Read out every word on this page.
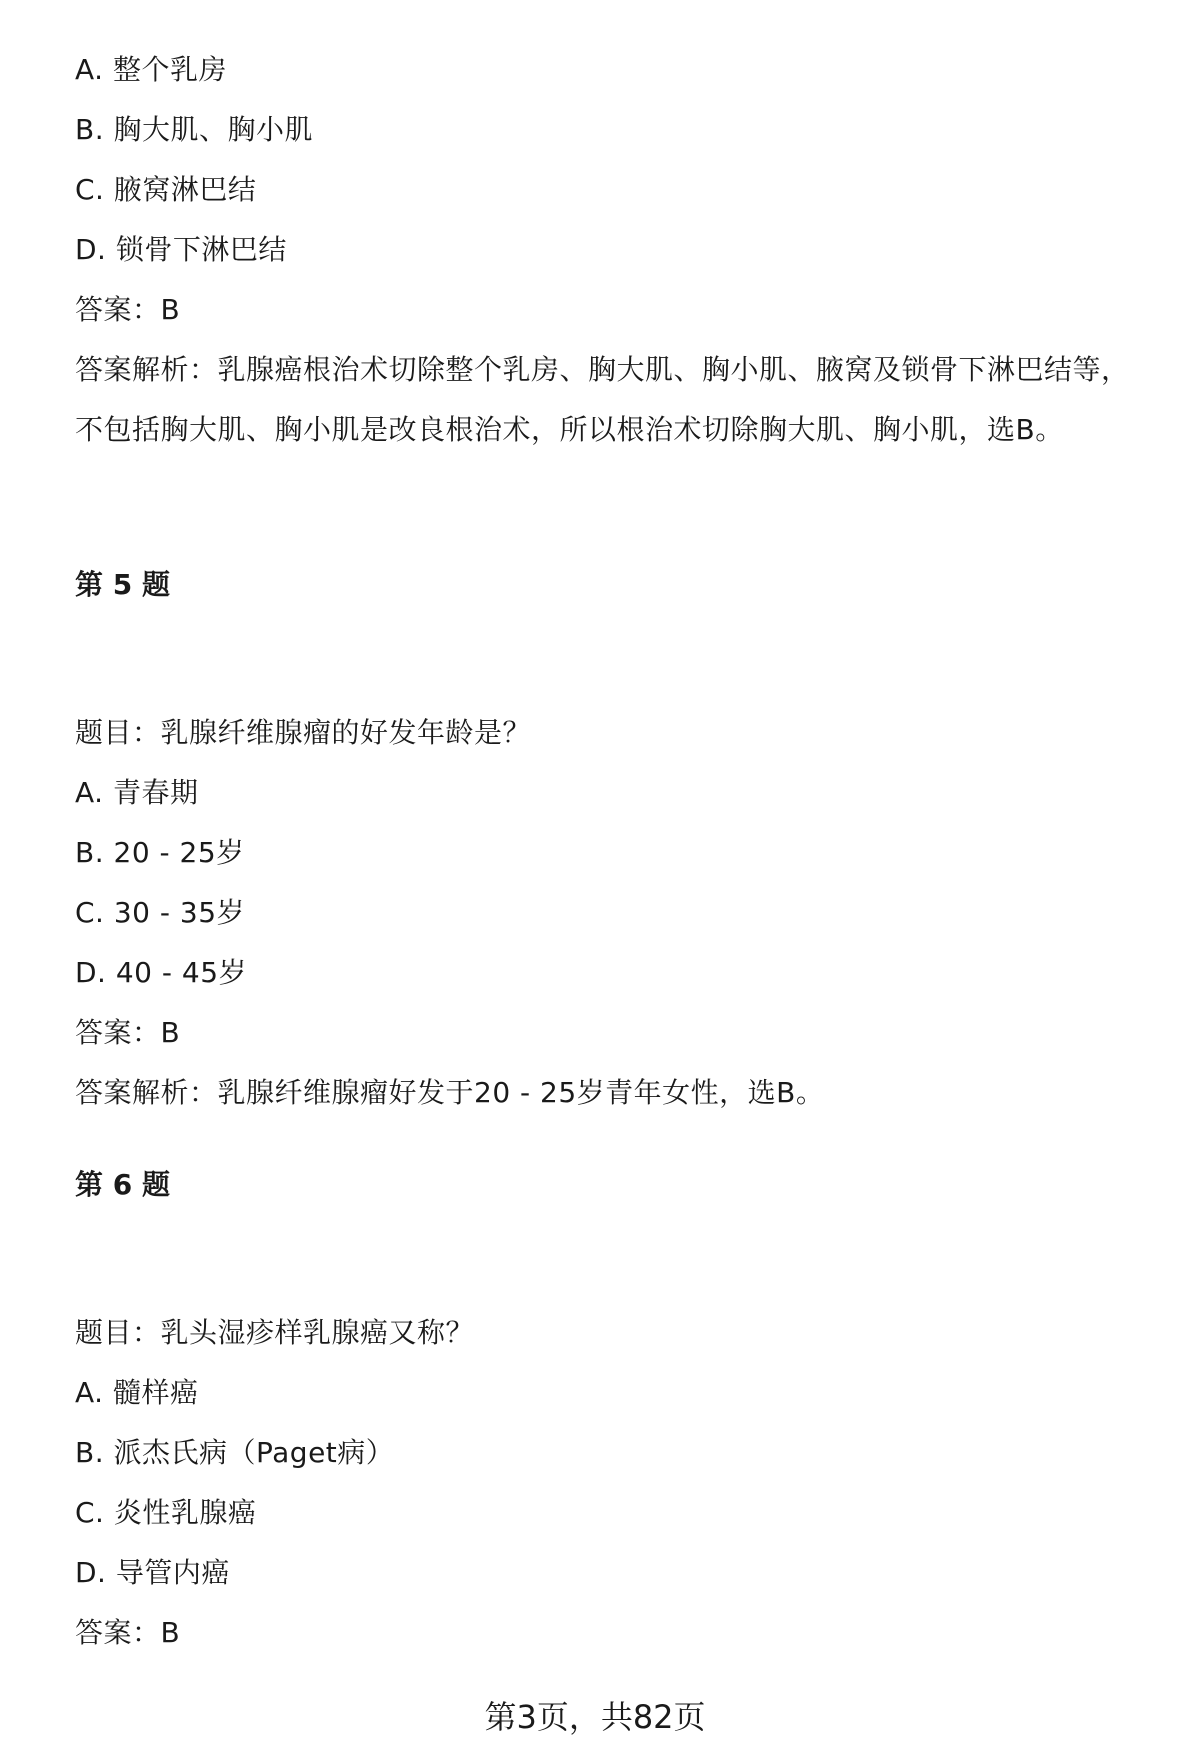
A. 整个乳房
B. 胸大肌、胸小肌
C. 腋窝淋巴结
D. 锁骨下淋巴结
答案：B
答案解析：乳腺癌根治术切除整个乳房、胸大肌、胸小肌、腋窝及锁骨下淋巴结等，不包括胸大肌、胸小肌是改良根治术，所以根治术切除胸大肌、胸小肌，选B。
第 5 题
题目：乳腺纤维腺瘤的好发年龄是？
A. 青春期
B. 20 - 25岁
C. 30 - 35岁
D. 40 - 45岁
答案：B
答案解析：乳腺纤维腺瘤好发于20 - 25岁青年女性，选B。
第 6 题
题目：乳头湿疹样乳腺癌又称？
A. 髓样癌
B. 派杰氏病（Paget病）
C. 炎性乳腺癌
D. 导管内癌
答案：B
第3页，共82页
